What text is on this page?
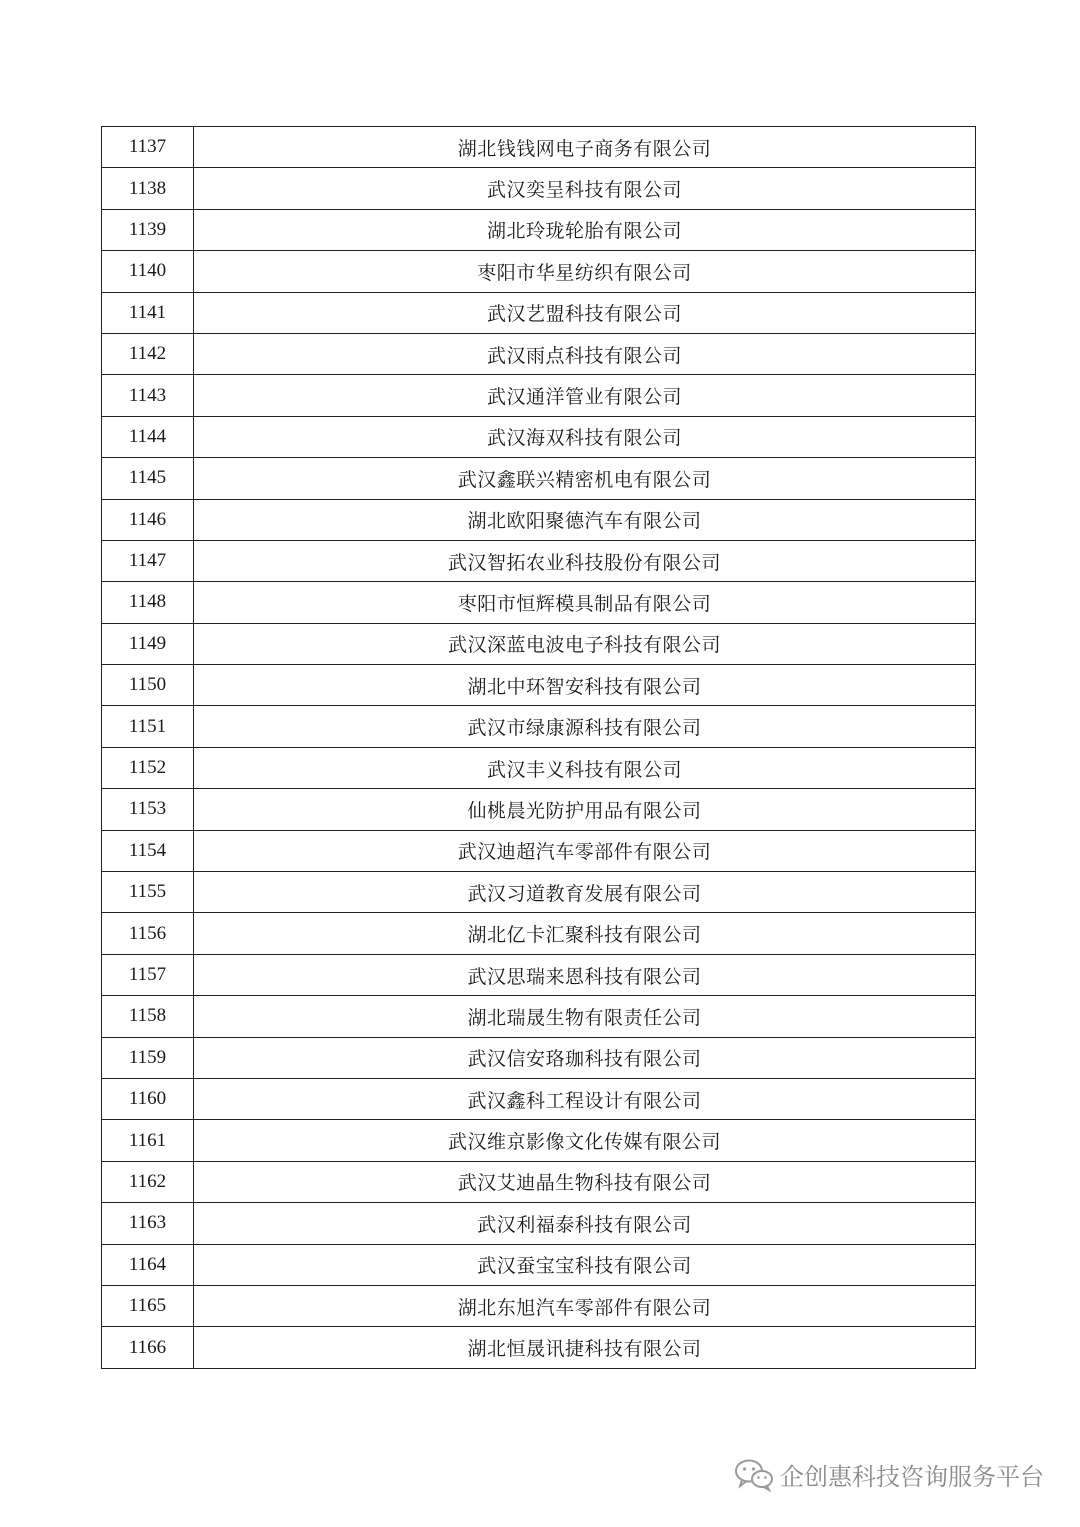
1137	湖北钱钱网电子商务有限公司
1138	武汉奕呈科技有限公司
1139	湖北玲珑轮胎有限公司
1140	枣阳市华星纺织有限公司
1141	武汉艺盟科技有限公司
1142	武汉雨点科技有限公司
1143	武汉通洋管业有限公司
1144	武汉海双科技有限公司
1145	武汉鑫联兴精密机电有限公司
1146	湖北欧阳聚德汽车有限公司
1147	武汉智拓农业科技股份有限公司
1148	枣阳市恒辉模具制品有限公司
1149	武汉深蓝电波电子科技有限公司
1150	湖北中环智安科技有限公司
1151	武汉市绿康源科技有限公司
1152	武汉丰义科技有限公司
1153	仙桃晨光防护用品有限公司
1154	武汉迪超汽车零部件有限公司
1155	武汉习道教育发展有限公司
1156	湖北亿卡汇聚科技有限公司
1157	武汉思瑞来恩科技有限公司
1158	湖北瑞晟生物有限责任公司
1159	武汉信安珞珈科技有限公司
1160	武汉鑫科工程设计有限公司
1161	武汉维京影像文化传媒有限公司
1162	武汉艾迪晶生物科技有限公司
1163	武汉利福泰科技有限公司
1164	武汉蚕宝宝科技有限公司
1165	湖北东旭汽车零部件有限公司
1166	湖北恒晟讯捷科技有限公司
企创惠科技咨询服务平台
